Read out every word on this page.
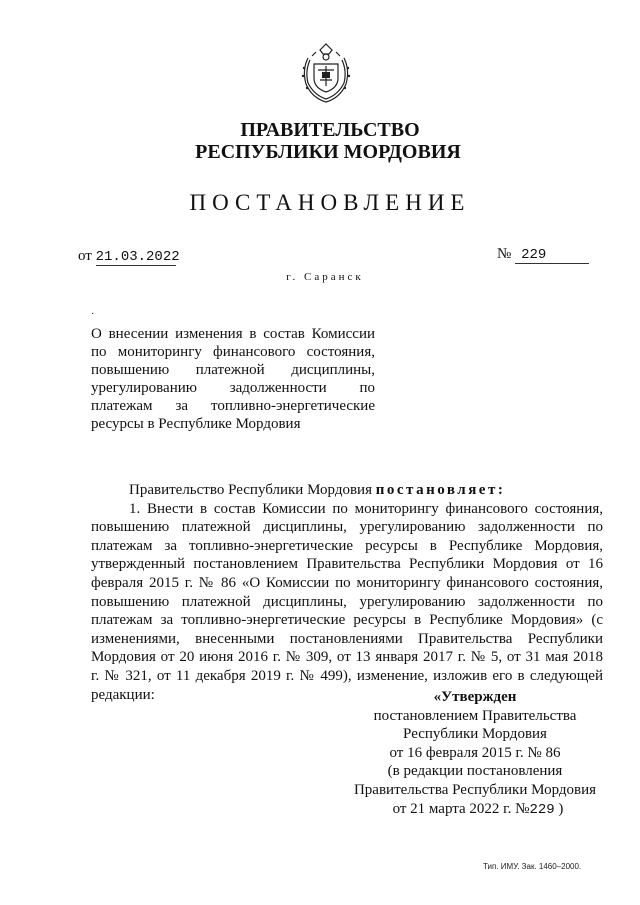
ПРАВИТЕЛЬСТВО
РЕСПУБЛИКИ МОРДОВИЯ
ПОСТАНОВЛЕНИЕ
от 21.03.2022	№ 229
г. Саранск
·
О внесении изменения в состав Комиссии
по мониторингу финансового состояния,
повышению платежной дисциплины,
урегулированию задолженности по
платежам за топливно-энергетические
ресурсы в Республике Мордовия
Правительство Республики Мордовия постановляет:
1. Внести в состав Комиссии по мониторингу финансового состояния,
повышению платежной дисциплины, урегулированию задолженности по
платежам за топливно-энергетические ресурсы в Республике Мордовия,
утвержденный постановлением Правительства Республики Мордовия от 16
февраля 2015 г. № 86 «О Комиссии по мониторингу финансового состояния,
повышению платежной дисциплины, урегулированию задолженности по
платежам за топливно-энергетические ресурсы в Республике Мордовия» (с
изменениями, внесенными постановлениями Правительства Республики
Мордовия от 20 июня 2016 г. № 309, от 13 января 2017 г. № 5, от 31 мая 2018
г. № 321, от 11 декабря 2019 г. № 499), изменение, изложив его в следующей
редакции:	«Утвержден
постановлением Правительства
Республики Мордовия
от 16 февраля 2015 г. № 86
(в редакции постановления
Правительства Республики Мордовия
от 21 марта 2022 г. №229 )
Тип. ИМУ. Зак. 1460–2000.
